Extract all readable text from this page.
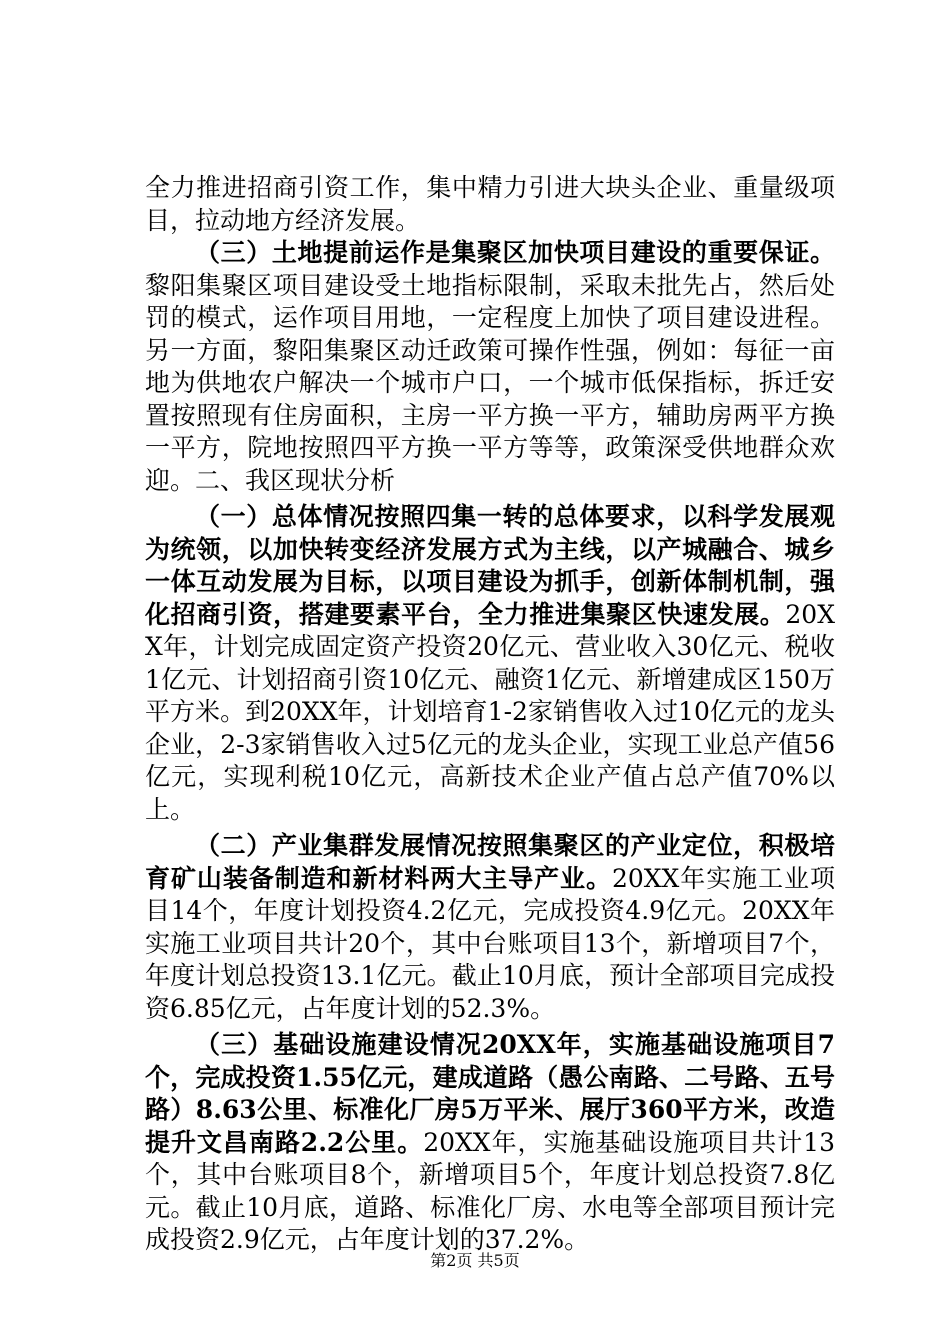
全力推进招商引资工作，集中精力引进大块头企业、重量级项目，拉动地方经济发展。

（三）土地提前运作是集聚区加快项目建设的重要保证。黎阳集聚区项目建设受土地指标限制，采取未批先占，然后处罚的模式，运作项目用地，一定程度上加快了项目建设进程。另一方面，黎阳集聚区动迁政策可操作性强，例如：每征一亩地为供地农户解决一个城市户口，一个城市低保指标，拆迁安置按照现有住房面积，主房一平方换一平方，辅助房两平方换一平方，院地按照四平方换一平方等等，政策深受供地群众欢迎。二、我区现状分析

（一）总体情况按照四集一转的总体要求，以科学发展观为统领，以加快转变经济发展方式为主线，以产城融合、城乡一体互动发展为目标，以项目建设为抓手，创新体制机制，强化招商引资，搭建要素平台，全力推进集聚区快速发展。20XX年，计划完成固定资产投资20亿元、营业收入30亿元、税收1亿元、计划招商引资10亿元、融资1亿元、新增建成区150万平方米。到20XX年，计划培育1-2家销售收入过10亿元的龙头企业，2-3家销售收入过5亿元的龙头企业，实现工业总产值56亿元，实现利税10亿元，高新技术企业产值占总产值70%以上。

（二）产业集群发展情况按照集聚区的产业定位，积极培育矿山装备制造和新材料两大主导产业。20XX年实施工业项目14个，年度计划投资4.2亿元，完成投资4.9亿元。20XX年实施工业项目共计20个，其中台账项目13个，新增项目7个，年度计划总投资13.1亿元。截止10月底，预计全部项目完成投资6.85亿元，占年度计划的52.3%。

（三）基础设施建设情况20XX年，实施基础设施项目7个，完成投资1.55亿元，建成道路（愚公南路、二号路、五号路）8.63公里、标准化厂房5万平米、展厅360平方米，改造提升文昌南路2.2公里。20XX年，实施基础设施项目共计13个，其中台账项目8个，新增项目5个，年度计划总投资7.8亿元。截止10月底，道路、标准化厂房、水电等全部项目预计完成投资2.9亿元，占年度计划的37.2%。

第2页 共5页
